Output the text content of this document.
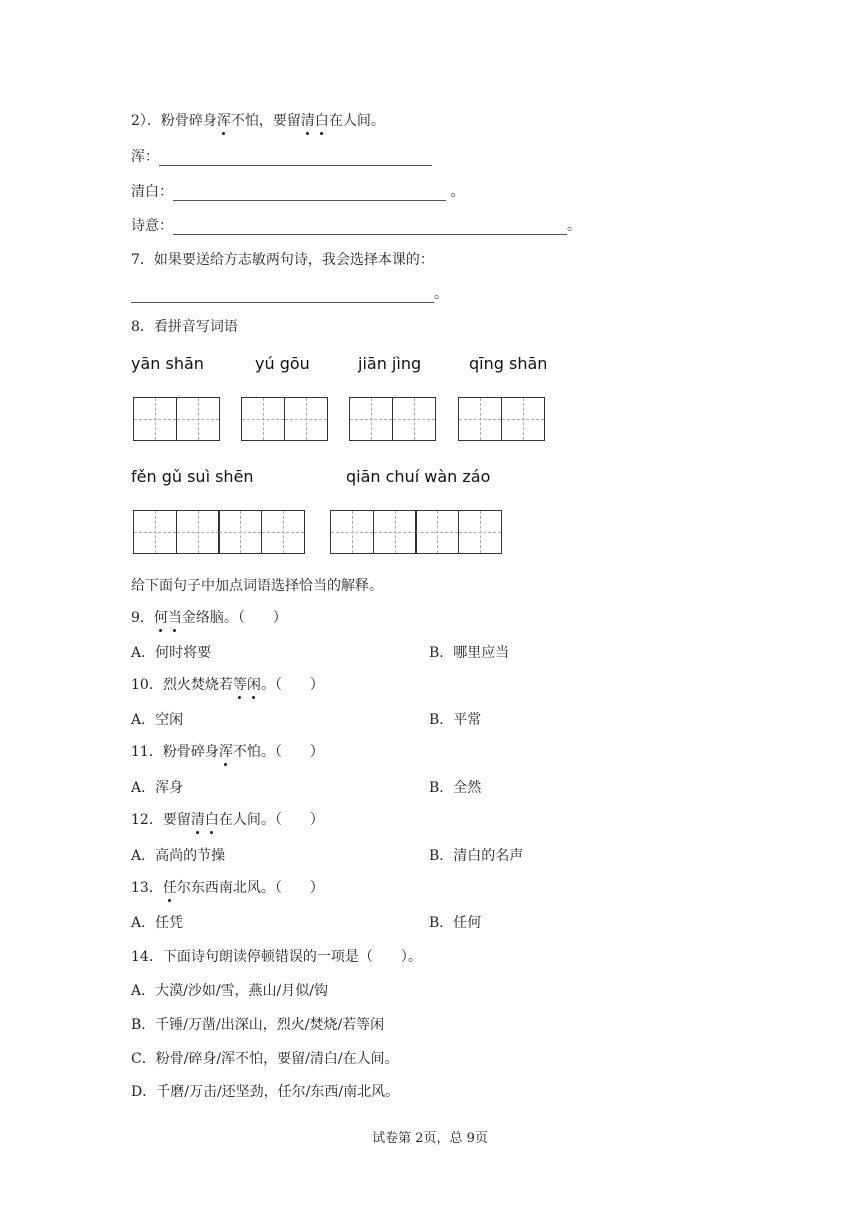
2）．粉骨碎身浑不怕，要留清白在人间。
浑：
清白：	。
诗意：	。
7．如果要送给方志敏两句诗，我会选择本课的：
。
8．看拼音写词语
yān shān	yú gōu	jiān jìng	qīng shān
fěn gǔ suì shēn	qiān chuí wàn záo
给下面句子中加点词语选择恰当的解释。
9．何当金络脑。（　　）
A．何时将要	B．哪里应当
10．烈火焚烧若等闲。（　　）
A．空闲	B．平常
11．粉骨碎身浑不怕。（　　）
A．浑身	B．全然
12．要留清白在人间。（　　）
A．高尚的节操	B．清白的名声
13．任尔东西南北风。（　　）
A．任凭	B．任何
14．下面诗句朗读停顿错误的一项是（　　）。
A．大漠/沙如/雪，燕山/月似/钩
B．千锤/万凿/出深山，烈火/焚烧/若等闲
C．粉骨/碎身/浑不怕，要留/清白/在人间。
D．千磨/万击/还坚劲，任尔/东西/南北风。
试卷第 2页，总 9页
